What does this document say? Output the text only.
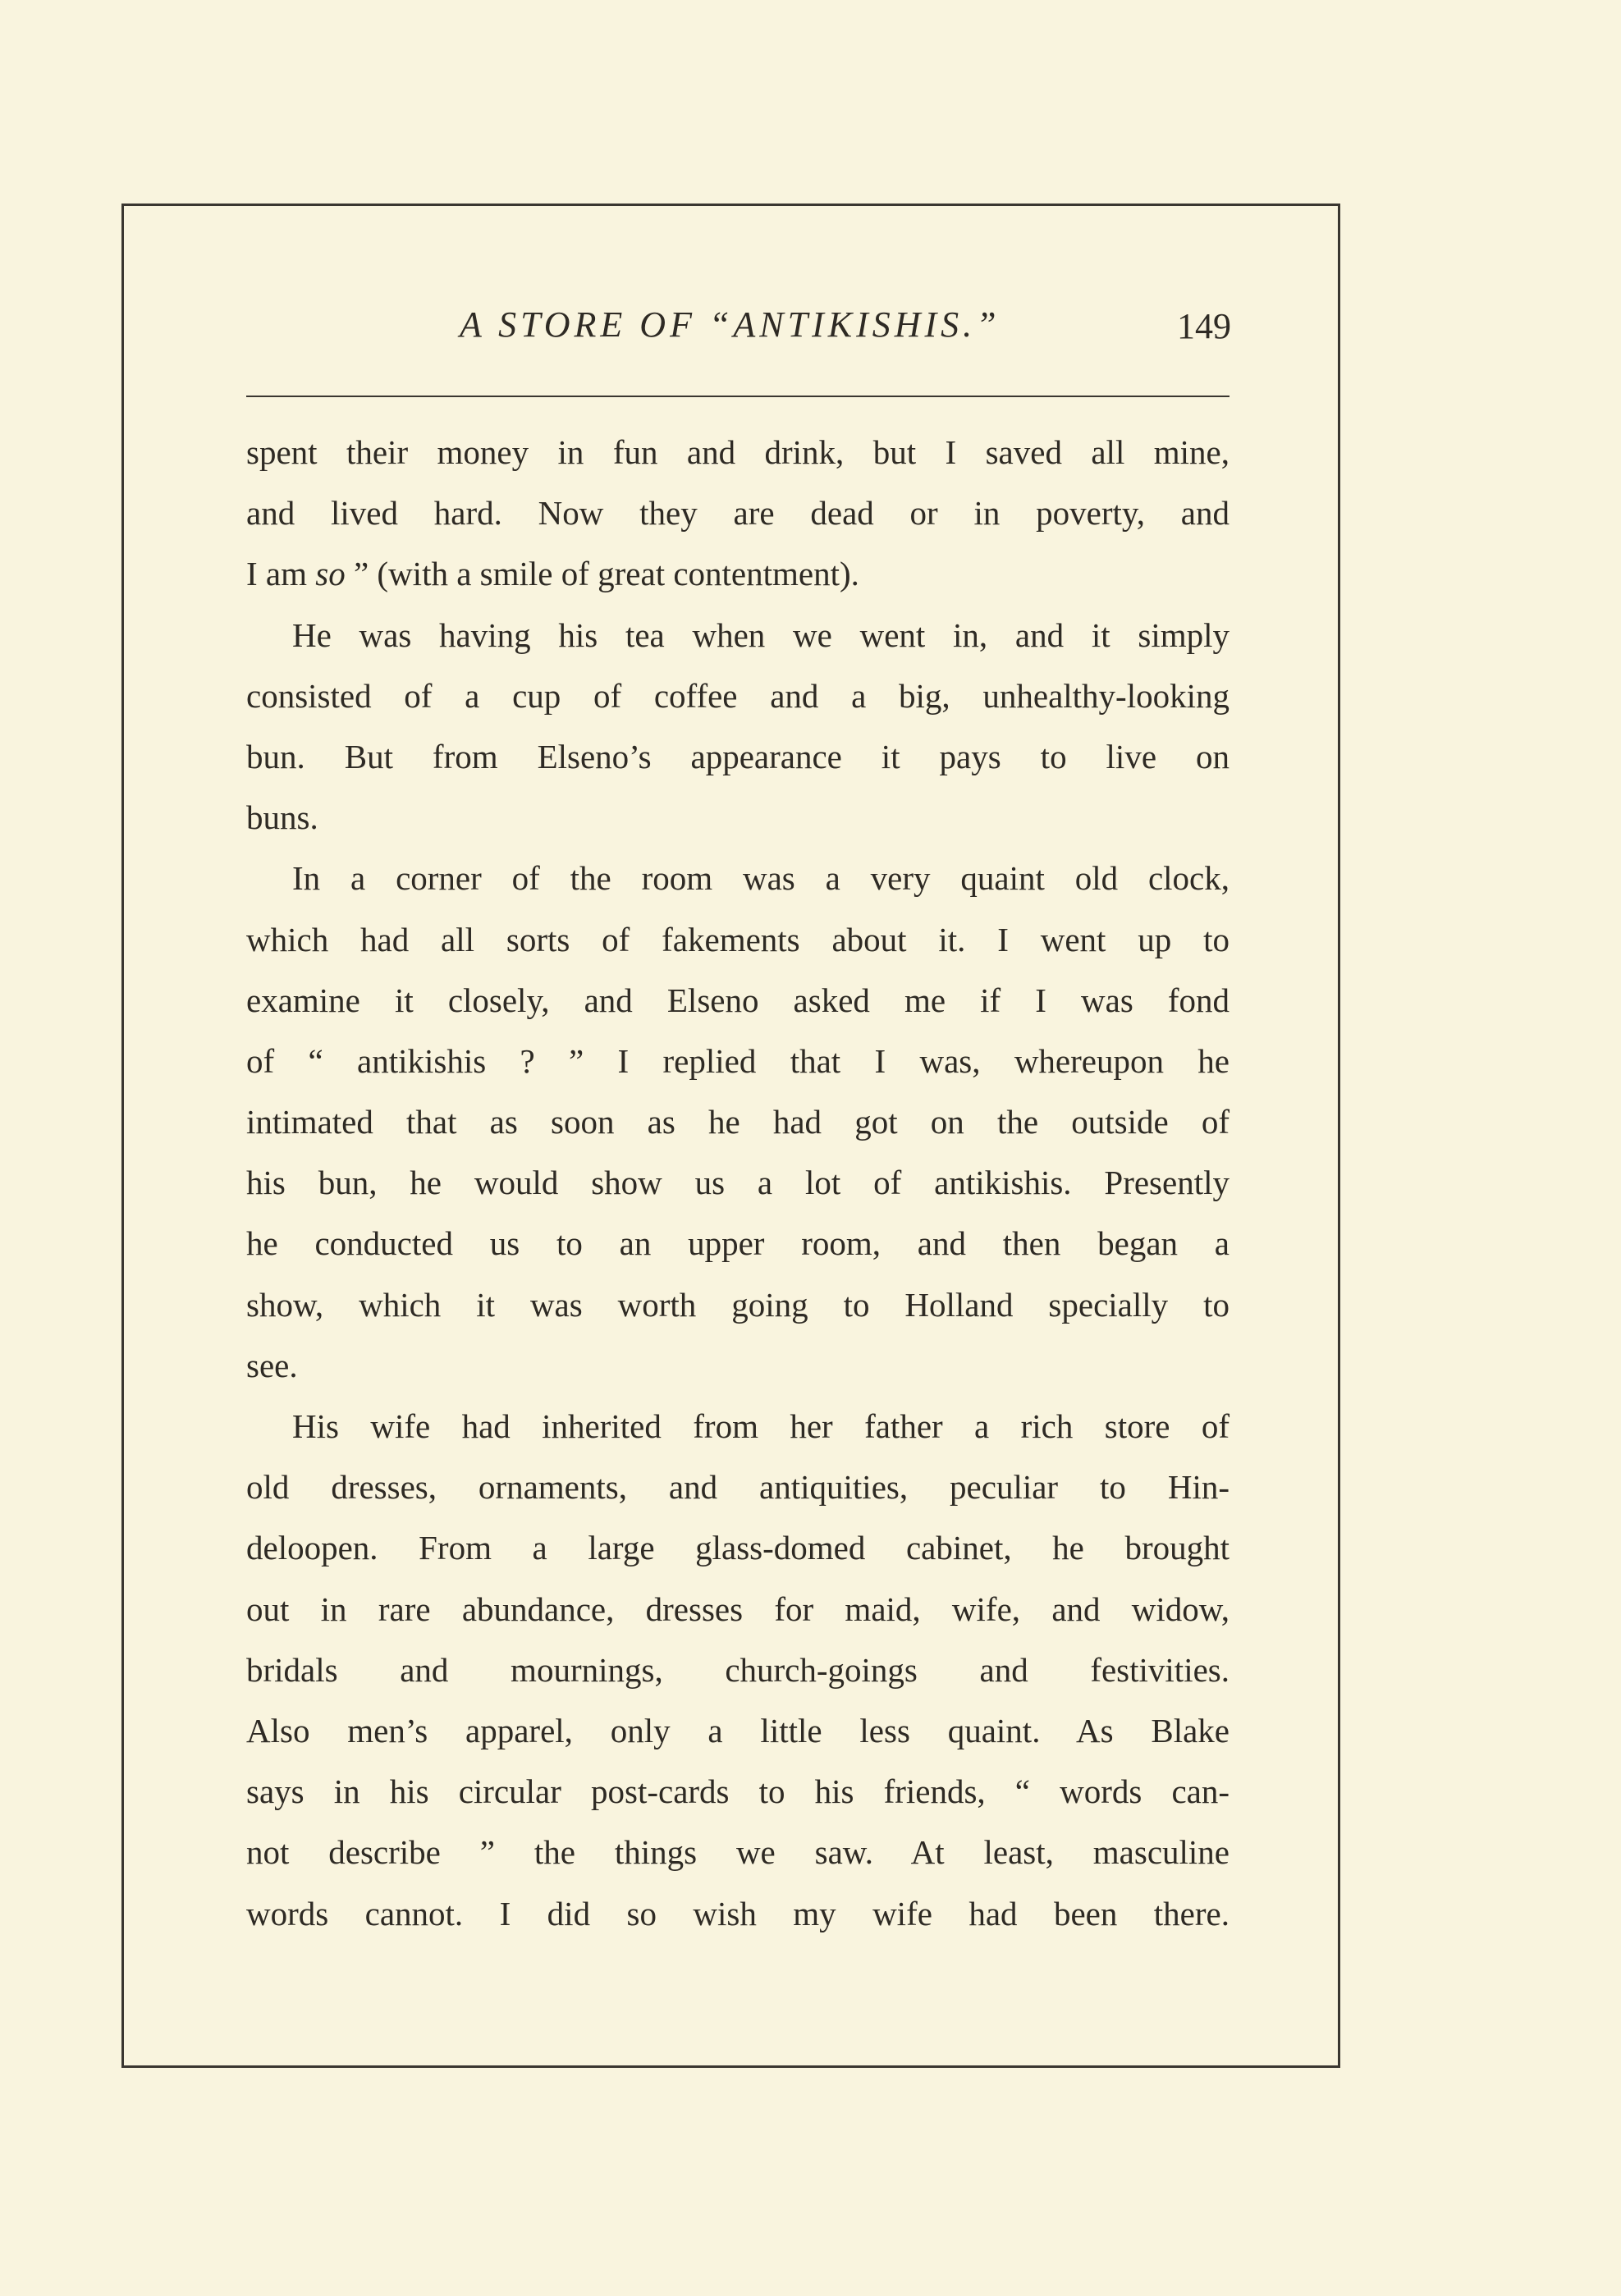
A STORE OF “ANTIKISHIS.”	149
spent their money in fun and drink, but I saved all mine,
and lived hard. Now they are dead or in poverty, and
I am so ” (with a smile of great contentment).
He was having his tea when we went in, and it simply
consisted of a cup of coffee and a big, unhealthy-looking
bun. But from Elseno’s appearance it pays to live on
buns.
In a corner of the room was a very quaint old clock,
which had all sorts of fakements about it. I went up to
examine it closely, and Elseno asked me if I was fond
of “ antikishis ? ” I replied that I was, whereupon he
intimated that as soon as he had got on the outside of
his bun, he would show us a lot of antikishis. Presently
he conducted us to an upper room, and then began a
show, which it was worth going to Holland specially to
see.
His wife had inherited from her father a rich store of
old dresses, ornaments, and antiquities, peculiar to Hin-
deloopen. From a large glass-domed cabinet, he brought
out in rare abundance, dresses for maid, wife, and widow,
bridals and mournings, church-goings and festivities.
Also men’s apparel, only a little less quaint. As Blake
says in his circular post-cards to his friends, “ words can-
not describe ” the things we saw. At least, masculine
words cannot. I did so wish my wife had been there.
